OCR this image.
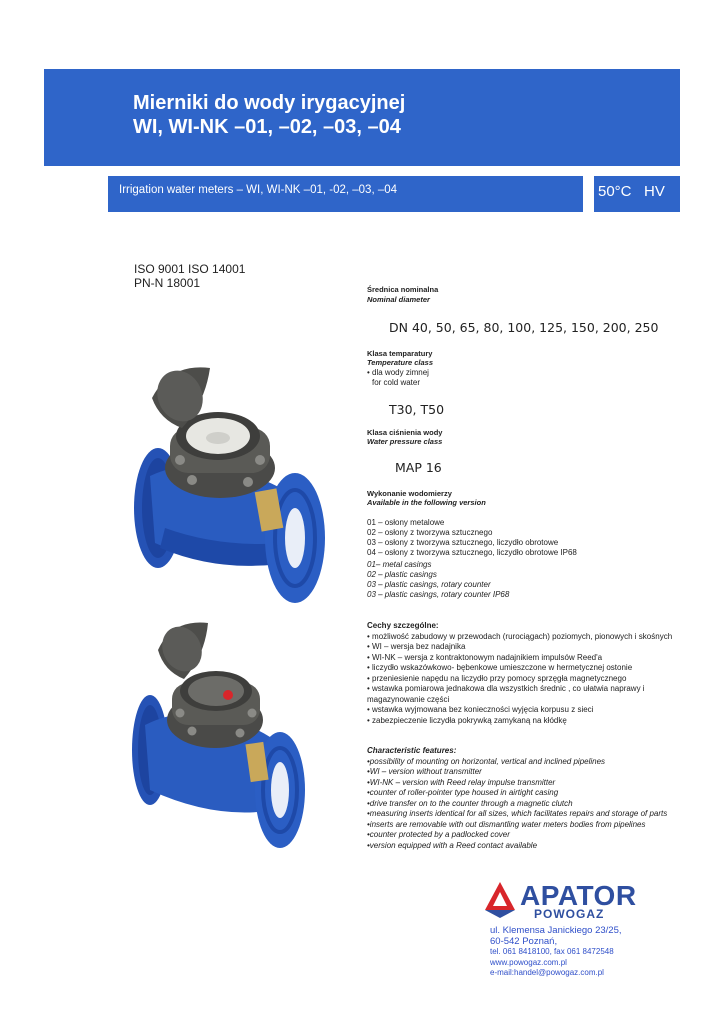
Mierniki do wody irygacyjnej
WI, WI-NK –01, –02, –03, –04
Irrigation water meters – WI, WI-NK –01, -02, –03, –04	50°C   HV
ISO 9001 ISO 14001
PN-N 18001	Średnica nominalna
Nominal diameter
DN 40, 50, 65, 80, 100, 125, 150, 200, 250
Klasa temparatury
Temperature class
• dla wody zimnej
for cold water
T30, T50
Klasa ciśnienia wody
Water pressure class
MAP 16
Wykonanie wodomierzy
Available in the following version
01 – osłony metalowe
02 – osłony z tworzywa sztucznego
03 – osłony z tworzywa sztucznego, liczydło obrotowe
04 – osłony z tworzywa sztucznego, liczydło obrotowe IP68
01– metal casings
02 – plastic casings
03 – plastic casings, rotary counter
03 – plastic casings, rotary counter IP68
Cechy szczególne:
• możliwość zabudowy w przewodach (rurociągach) poziomych, pionowych i skośnych
• WI – wersja bez nadajnika
• WI-NK – wersja z kontraktonowym nadajnikiem impulsów Reed'a
• liczydło wskazówkowo- bębenkowe umieszczone w hermetycznej ostonie
• przeniesienie napędu na liczydło przy pomocy sprzęgła magnetycznego
• wstawka pomiarowa jednakowa dla wszystkich średnic , co ułatwia naprawy i magazynowanie części
• wstawka wyjmowana bez konieczności wyjęcia korpusu z sieci
• zabezpieczenie liczydła pokrywką zamykaną na kłódkę
Characteristic features:
•possibility of mounting on horizontal, vertical and inclined pipelines
•WI – version without transmitter
•WI-NK – version with Reed relay impulse transmitter
•counter of roller-pointer type housed in airtight casing
•drive transfer on to the counter through a magnetic clutch
•measuring inserts identical for all sizes, which facilitates repairs and storage of parts
•inserts are removable with out dismantling water meters bodies from pipelines
•counter protected by a padlocked cover
•version equipped with a Reed contact available
APATOR
POWOGAZ
ul. Klemensa Janickiego 23/25,
60-542 Poznań,
tel. 061 8418100, fax 061 8472548
www.powogaz.com.pl
e-mail:handel@powogaz.com.pl
